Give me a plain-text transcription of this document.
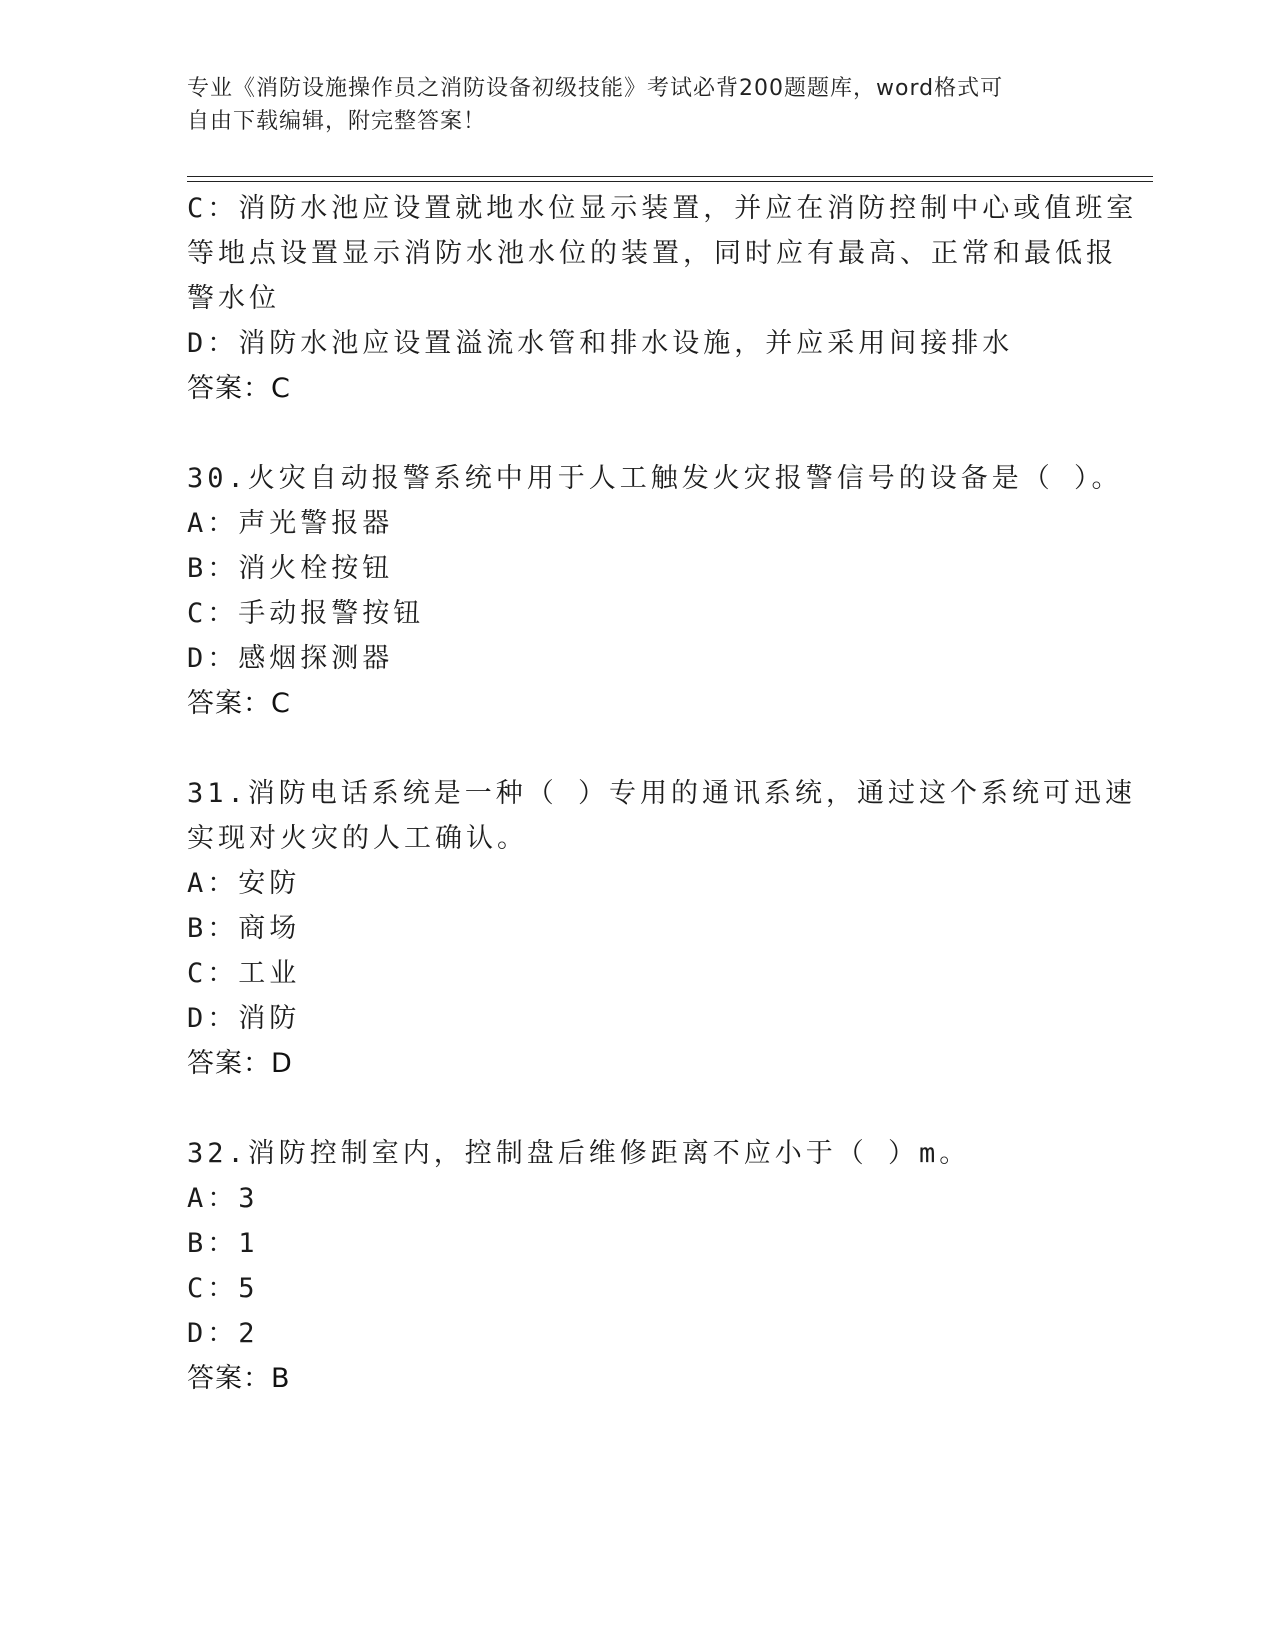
专业《消防设施操作员之消防设备初级技能》考试必背200题题库，word格式可
自由下载编辑，附完整答案！
C：消防水池应设置就地水位显示装置，并应在消防控制中心或值班室
等地点设置显示消防水池水位的装置，同时应有最高、正常和最低报
警水位
D：消防水池应设置溢流水管和排水设施，并应采用间接排水
答案：C
30.火灾自动报警系统中用于人工触发火灾报警信号的设备是（ ）。
A：声光警报器
B：消火栓按钮
C：手动报警按钮
D：感烟探测器
答案：C
31.消防电话系统是一种（ ）专用的通讯系统，通过这个系统可迅速
实现对火灾的人工确认。
A：安防
B：商场
C：工业
D：消防
答案：D
32.消防控制室内，控制盘后维修距离不应小于（ ）m。
A：3
B：1
C：5
D：2
答案：B
